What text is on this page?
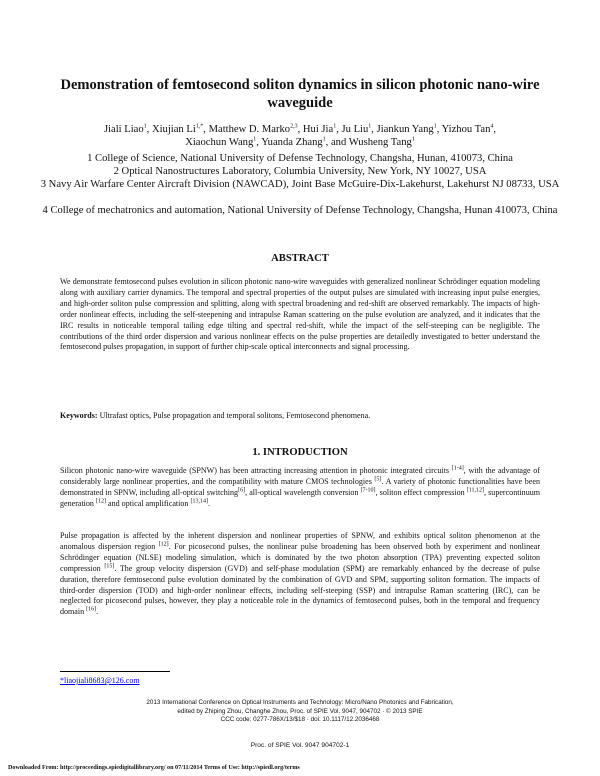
Demonstration of femtosecond soliton dynamics in silicon photonic nano-wire waveguide
Jiali Liao$^1$, Xiujian $Li^{1,*}$, Matthew D. Marko$^{2,3}$, Hui Jia$^1$, Ju Liu$^1$, Jiankun Yang$^1$, Yizhou Tan$^4$,
Xiaochun Wang$^1$, Yuanda Zhang$^1$, and Wusheng Tang$^1$
1 College of Science, National University of Defense Technology, Changsha, Hunan, 410073, China
2 Optical Nanostructures Laboratory, Columbia University, New York, NY 10027, USA
3 Navy Air Warfare Center Aircraft Division (NAWCAD), Joint Base McGuire-Dix-Lakehurst, Lakehurst NJ 08733, USA
4 College of mechatronics and automation, National University of Defense Technology, Changsha, Hunan 410073, China
ABSTRACT
We demonstrate femtosecond pulses evolution in silicon photonic nano-wire waveguides with generalized nonlinear Schrödinger equation modeling along with auxiliary carrier dynamics. The temporal and spectral properties of the output pulses are simulated with increasing input pulse energies, and high-order soliton pulse compression and splitting, along with spectral broadening and red-shift are observed remarkably. The impacts of high-order nonlinear effects, including the self-steepening and intrapulse Raman scattering on the pulse evolution are analyzed, and it indicates that the IRC results in noticeable temporal tailing edge tilting and spectral red-shift, while the impact of the self-steeping can be negligible. The contributions of the third order dispersion and various nonlinear effects on the pulse properties are detailedly investigated to better understand the femtosecond pulses propagation, in support of further chip-scale optical interconnects and signal processing.
Keywords: Ultrafast optics, Pulse propagation and temporal solitons, Femtosecond phenomena.
1. INTRODUCTION
Silicon photonic nano-wire waveguide (SPNW) has been attracting increasing attention in photonic integrated circuits [1-4], with the advantage of considerably large nonlinear properties, and the compatibility with mature CMOS technologies [5]. A variety of photonic functionalities have been demonstrated in SPNW, including all-optical switching[6], all-optical wavelength conversion [7-10], soliton effect compression [11,12], supercontinuum generation [12] and optical amplification [13,14].
Pulse propagation is affected by the inherent dispersion and nonlinear properties of SPNW, and exhibits optical soliton phenomenon at the anomalous dispersion region [12]. For picosecond pulses, the nonlinear pulse broadening has been observed both by experiment and nonlinear Schrödinger equation (NLSE) modeling simulation, which is dominated by the two photon absorption (TPA) preventing expected soliton compression [15]. The group velocity dispersion (GVD) and self-phase modulation (SPM) are remarkably enhanced by the decrease of pulse duration, therefore femtosecond pulse evolution dominated by the combination of GVD and SPM, supporting soliton formation. The impacts of third-order dispersion (TOD) and high-order nonlinear effects, including self-steeping (SSP) and intrapulse Raman scattering (IRC), can be neglected for picosecond pulses, however, they play a noticeable role in the dynamics of femtosecond pulses, both in the temporal and frequency domain [16].
*liaojiali8683@126.com
2013 International Conference on Optical Instruments and Technology: Micro/Nano Photonics and Fabrication,
edited by Zhiping Zhou, Changhe Zhou, Proc. of SPIE Vol. 9047, 904702 · © 2013 SPIE
CCC code: 0277-786X/13/$18 · doi: 10.1117/12.2036468
Proc. of SPIE Vol. 9047 904702-1
Downloaded From: http://proceedings.spiedigitallibrary.org/ on 07/11/2014 Terms of Use: http://spiedl.org/terms
